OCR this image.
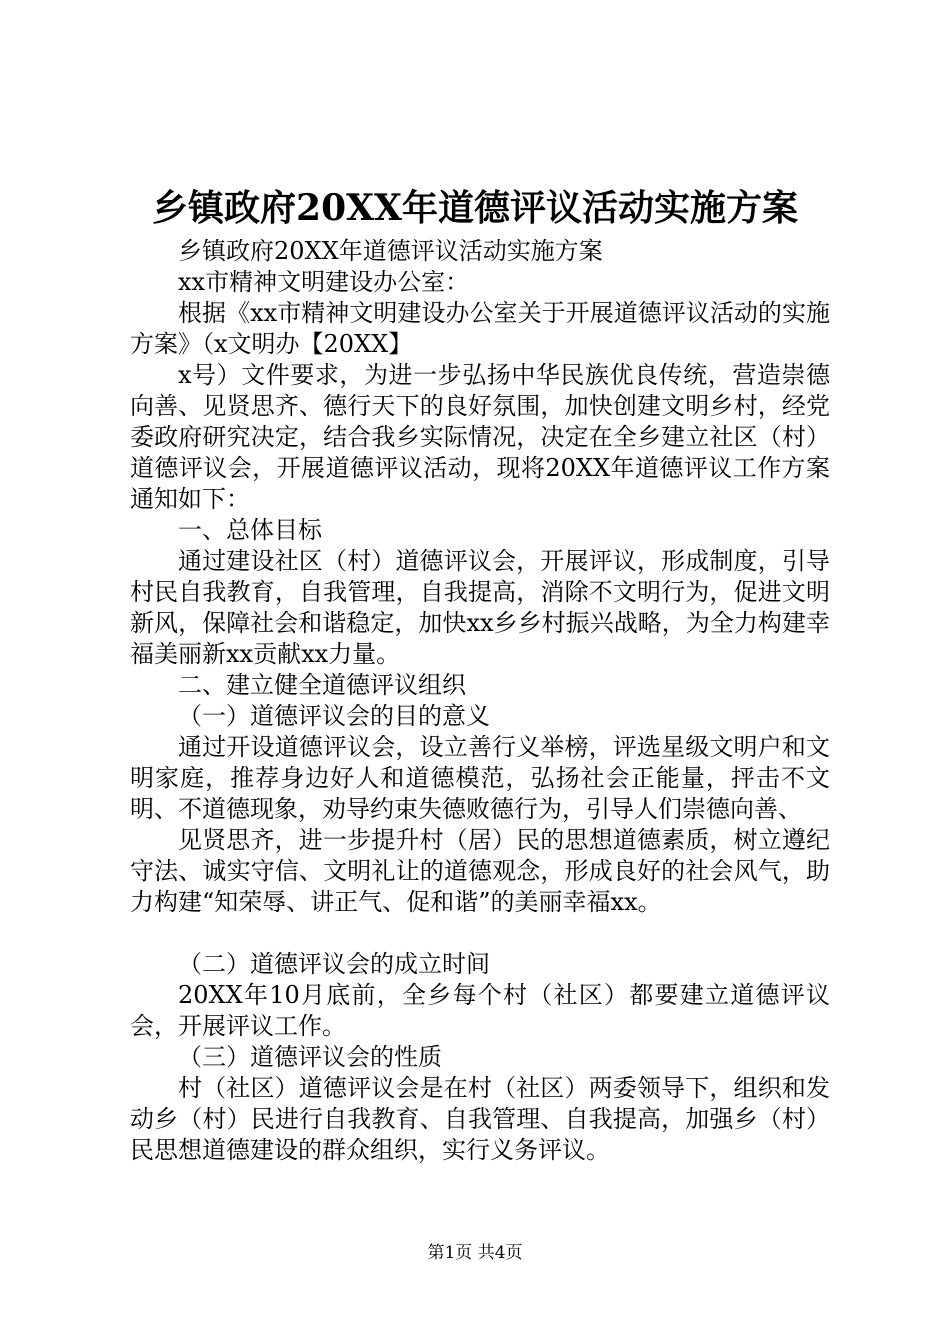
乡镇政府20XX年道德评议活动实施方案

乡镇政府20XX年道德评议活动实施方案

xx市精神文明建设办公室：

根据《xx市精神文明建设办公室关于开展道德评议活动的实施方案》（x文明办【20XX】

x号）文件要求，为进一步弘扬中华民族优良传统，营造崇德向善、见贤思齐、德行天下的良好氛围，加快创建文明乡村，经党委政府研究决定，结合我乡实际情况，决定在全乡建立社区（村）道德评议会，开展道德评议活动，现将20XX年道德评议工作方案通知如下：

一、总体目标

通过建设社区（村）道德评议会，开展评议，形成制度，引导村民自我教育，自我管理，自我提高，消除不文明行为，促进文明新风，保障社会和谐稳定，加快xx乡乡村振兴战略，为全力构建幸福美丽新xx贡献xx力量。

二、建立健全道德评议组织

（一）道德评议会的目的意义

通过开设道德评议会，设立善行义举榜，评选星级文明户和文明家庭，推荐身边好人和道德模范，弘扬社会正能量，抨击不文明、不道德现象，劝导约束失德败德行为，引导人们崇德向善、

见贤思齐，进一步提升村（居）民的思想道德素质，树立遵纪守法、诚实守信、文明礼让的道德观念，形成良好的社会风气，助力构建“知荣辱、讲正气、促和谐”的美丽幸福xx。

（二）道德评议会的成立时间

20XX年10月底前，全乡每个村（社区）都要建立道德评议会，开展评议工作。

（三）道德评议会的性质

村（社区）道德评议会是在村（社区）两委领导下，组织和发动乡（村）民进行自我教育、自我管理、自我提高，加强乡（村）民思想道德建设的群众组织，实行义务评议。

第1页 共4页
